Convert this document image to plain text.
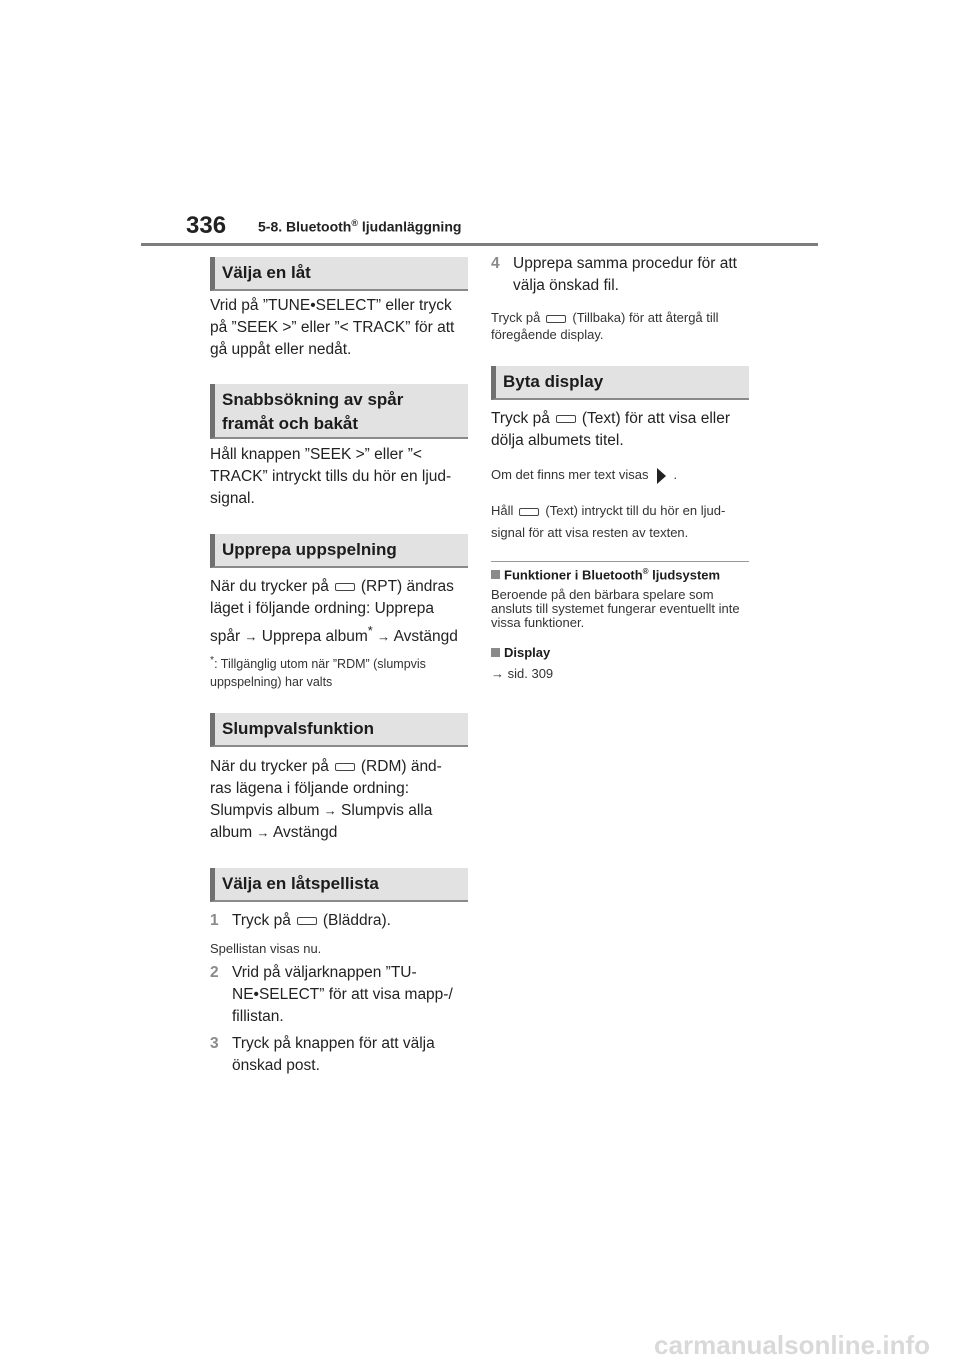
336 5-8. Bluetooth® ljudanläggning
Välja en låt
Vrid på ”TUNE•SELECT” eller tryck på ”SEEK >” eller ”< TRACK” för att gå uppåt eller nedåt.
Snabbsökning av spår
framåt och bakåt
Håll knappen ”SEEK >” eller ”< TRACK” intryckt tills du hör en ljud-signal.
Upprepa uppspelning
När du trycker på (RPT) ändras
läget i följande ordning: Upprepa
spår → Upprepa album* → Avstängd
*: Tillgänglig utom när ”RDM” (slumpvis uppspelning) har valts
Slumpvalsfunktion
När du trycker på (RDM) änd-
ras lägena i följande ordning:
Slumpvis album → Slumpvis alla
album → Avstängd
Välja en låtspellista
1 Tryck på (Bläddra).
Spellistan visas nu.
2 Vrid på väljarknappen ”TU-NE•SELECT” för att visa mapp-/ fillistan.
3 Tryck på knappen för att välja önskad post.
4 Upprepa samma procedur för att välja önskad fil.
Tryck på (Tillbaka) för att återgå till
föregående display.
Byta display
Tryck på (Text) för att visa eller
dölja albumets titel.
Om det finns mer text visas .
Håll (Text) intryckt till du hör en ljud-
signal för att visa resten av texten.
Funktioner i Bluetooth® ljudsystem
Beroende på den bärbara spelare som ansluts till systemet fungerar eventuellt inte vissa funktioner.
Display
→ sid. 309
carmanualsonline.info
